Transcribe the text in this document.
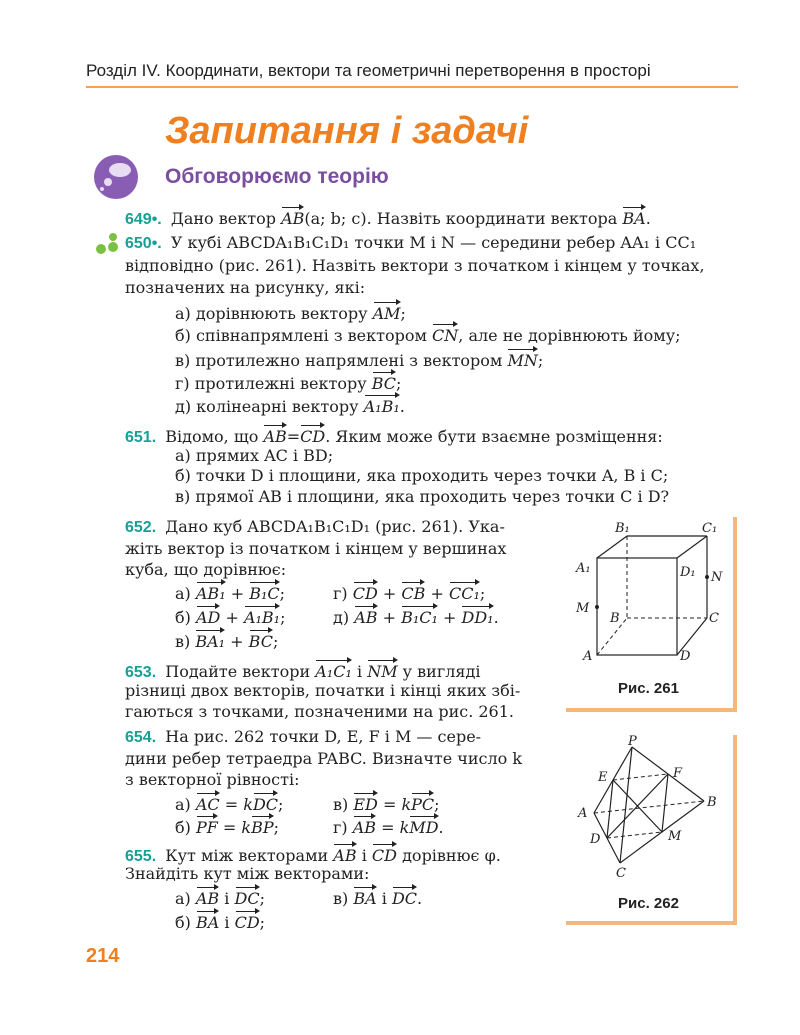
Розділ IV. Координати, вектори та геометричні перетворення в просторі
Запитання і задачі
Обговорюємо теорію
649•. Дано вектор AB(a; b; c). Назвіть координати вектора BA.
650•. У кубі ABCDA₁B₁C₁D₁ точки M і N — середини ребер AA₁ і CC₁
відповідно (рис. 261). Назвіть вектори з початком і кінцем у точках,
позначених на рисунку, які:
а) дорівнюють вектору AM;
б) співнапрямлені з вектором CN, але не дорівнюють йому;
в) протилежно напрямлені з вектором MN;
г) протилежні вектору BC;
д) колінеарні вектору A₁B₁.
651. Відомо, що AB=CD. Яким може бути взаємне розміщення:
а) прямих AC і BD;
б) точки D і площини, яка проходить через точки A, B і C;
в) прямої AB і площини, яка проходить через точки C і D?
652. Дано куб ABCDA₁B₁C₁D₁ (рис. 261). Ука-
жіть вектор із початком і кінцем у вершинах
куба, що дорівнює:
а) AB₁ + B₁C;	г) CD + CB + CC₁;
б) AD + A₁B₁;	д) AB + B₁C₁ + DD₁.
в) BA₁ + BC;
653. Подайте вектори A₁C₁ і NM у вигляді
різниці двох векторів, початки і кінці яких збі-
гаються з точками, позначеними на рис. 261.
654. На рис. 262 точки D, E, F і M — сере-
дини ребер тетраедра PABC. Визначте число k
з векторної рівності:
а) AC = kDC;	в) ED = kPC;
б) PF = kBP;	г) AB = kMD.
655. Кут між векторами AB і CD дорівнює φ.
Знайдіть кут між векторами:
а) AB і DC;	в) BA і DC.
б) BA і CD;
B₁	C₁
A₁	D₁ N
M
B	C
A	D
Рис. 261
P
E	F
A
B
D	M
C
Рис. 262
214
